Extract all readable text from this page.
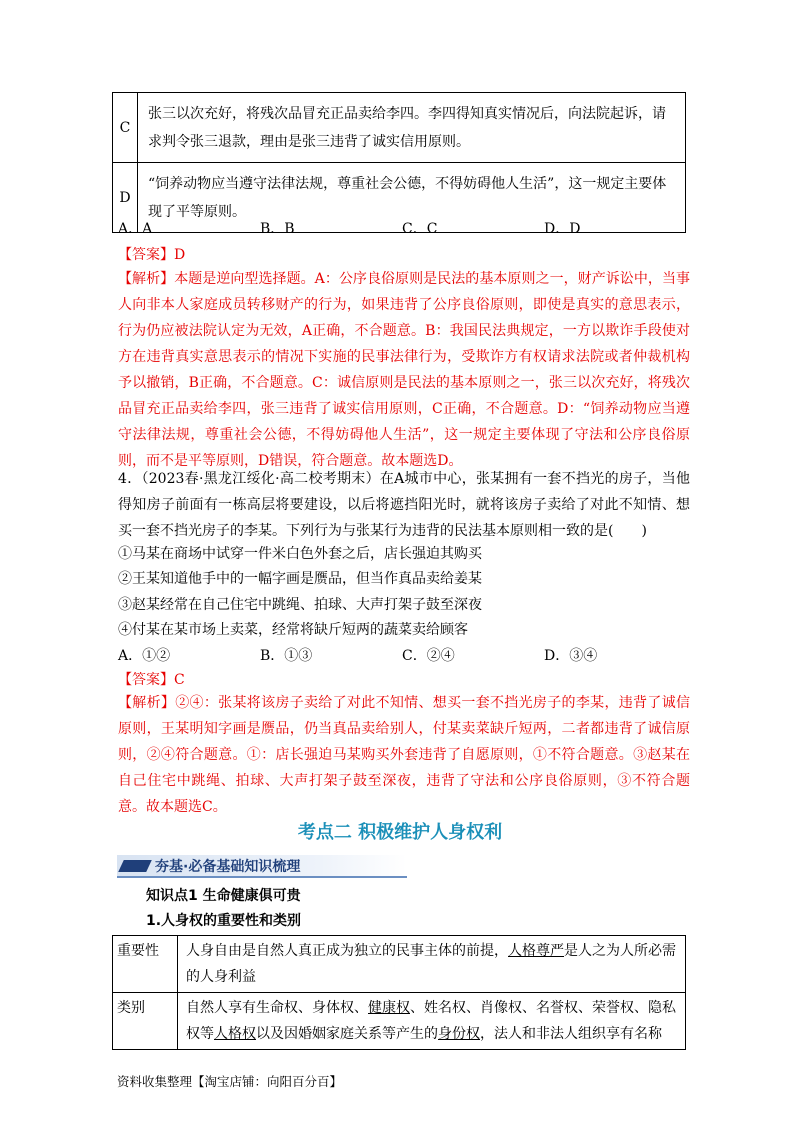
C	张三以次充好，将残次品冒充正品卖给李四。李四得知真实情况后，向法院起诉，请求判令张三退款，理由是张三违背了诚实信用原则。
D	“饲养动物应当遵守法律法规，尊重社会公德，不得妨碍他人生活”，这一规定主要体现了平等原则。
A．A	B．B	C．C	D．D
【答案】D
【解析】本题是逆向型选择题。A：公序良俗原则是民法的基本原则之一，财产诉讼中，当事人向非本人家庭成员转移财产的行为，如果违背了公序良俗原则，即使是真实的意思表示，行为仍应被法院认定为无效，A正确，不合题意。B：我国民法典规定，一方以欺诈手段使对方在违背真实意思表示的情况下实施的民事法律行为，受欺诈方有权请求法院或者仲裁机构予以撤销，B正确，不合题意。C：诚信原则是民法的基本原则之一，张三以次充好，将残次品冒充正品卖给李四，张三违背了诚实信用原则，C正确，不合题意。D：“饲养动物应当遵守法律法规，尊重社会公德，不得妨碍他人生活”，这一规定主要体现了守法和公序良俗原则，而不是平等原则，D错误，符合题意。故本题选D。
4．（2023春·黑龙江绥化·高二校考期末）在A城市中心，张某拥有一套不挡光的房子，当他得知房子前面有一栋高层将要建设，以后将遮挡阳光时，就将该房子卖给了对此不知情、想买一套不挡光房子的李某。下列行为与张某行为违背的民法基本原则相一致的是(　　)
①马某在商场中试穿一件米白色外套之后，店长强迫其购买
②王某知道他手中的一幅字画是赝品，但当作真品卖给姜某
③赵某经常在自己住宅中跳绳、拍球、大声打架子鼓至深夜
④付某在某市场上卖菜，经常将缺斤短两的蔬菜卖给顾客
A．①②	B．①③	C．②④	D．③④
【答案】C
【解析】②④：张某将该房子卖给了对此不知情、想买一套不挡光房子的李某，违背了诚信原则，王某明知字画是赝品，仍当真品卖给别人，付某卖菜缺斤短两，二者都违背了诚信原则，②④符合题意。①：店长强迫马某购买外套违背了自愿原则，①不符合题意。③赵某在自己住宅中跳绳、拍球、大声打架子鼓至深夜，违背了守法和公序良俗原则，③不符合题意。故本题选C。
考点二 积极维护人身权利
夯基·必备基础知识梳理
知识点1 生命健康俱可贵
1.人身权的重要性和类别
重要性	人身自由是自然人真正成为独立的民事主体的前提，人格尊严是人之为人所必需的人身利益
类别	自然人享有生命权、身体权、健康权、姓名权、肖像权、名誉权、荣誉权、隐私权等人格权以及因婚姻家庭关系等产生的身份权，法人和非法人组织享有名称
资料收集整理【淘宝店铺：向阳百分百】
